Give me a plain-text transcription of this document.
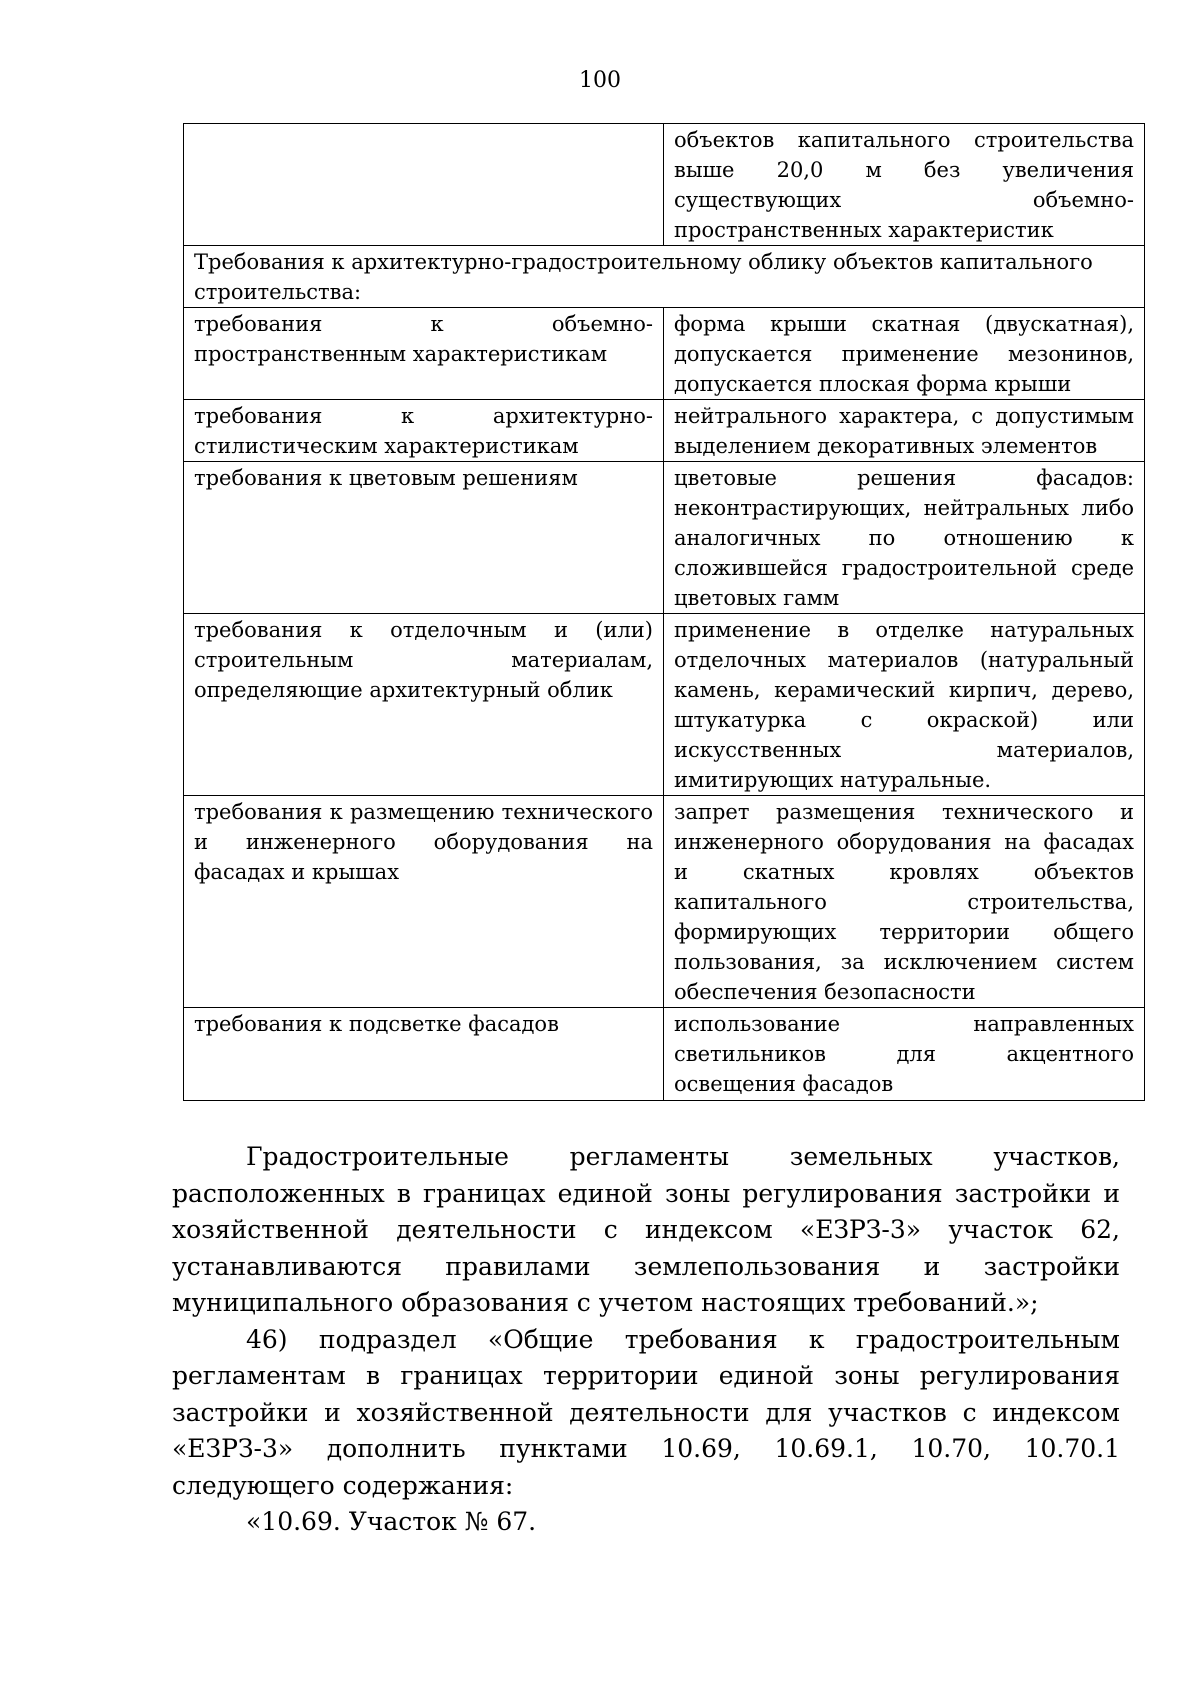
100
	объектов капитального строительства выше 20,0 м без увеличения существующих объемно-пространственных характеристик
Требования к архитектурно-градостроительному облику объектов капитального строительства:	
требования к объемно-пространственным характеристикам	форма крыши скатная (двускатная), допускается применение мезонинов, допускается плоская форма крыши
требования к архитектурно-стилистическим характеристикам	нейтрального характера, с допустимым выделением декоративных элементов
требования к цветовым решениям	цветовые решения фасадов: неконтрастирующих, нейтральных либо аналогичных по отношению к сложившейся градостроительной среде цветовых гамм
требования к отделочным и (или) строительным материалам, определяющие архитектурный облик	применение в отделке натуральных отделочных материалов (натуральный камень, керамический кирпич, дерево, штукатурка с окраской) или искусственных материалов, имитирующих натуральные.
требования к размещению технического и инженерного оборудования на фасадах и крышах	запрет размещения технического и инженерного оборудования на фасадах и скатных кровлях объектов капитального строительства, формирующих территории общего пользования, за исключением систем обеспечения безопасности
требования к подсветке фасадов	использование направленных светильников для акцентного освещения фасадов

Градостроительные регламенты земельных участков, расположенных в границах единой зоны регулирования застройки и хозяйственной деятельности с индексом «ЕЗРЗ-3» участок 62, устанавливаются правилами землепользования и застройки муниципального образования с учетом настоящих требований.»;

46) подраздел «Общие требования к градостроительным регламентам в границах территории единой зоны регулирования застройки и хозяйственной деятельности для участков с индексом «ЕЗРЗ-3» дополнить пунктами 10.69, 10.69.1, 10.70, 10.70.1 следующего содержания:

«10.69. Участок № 67.
